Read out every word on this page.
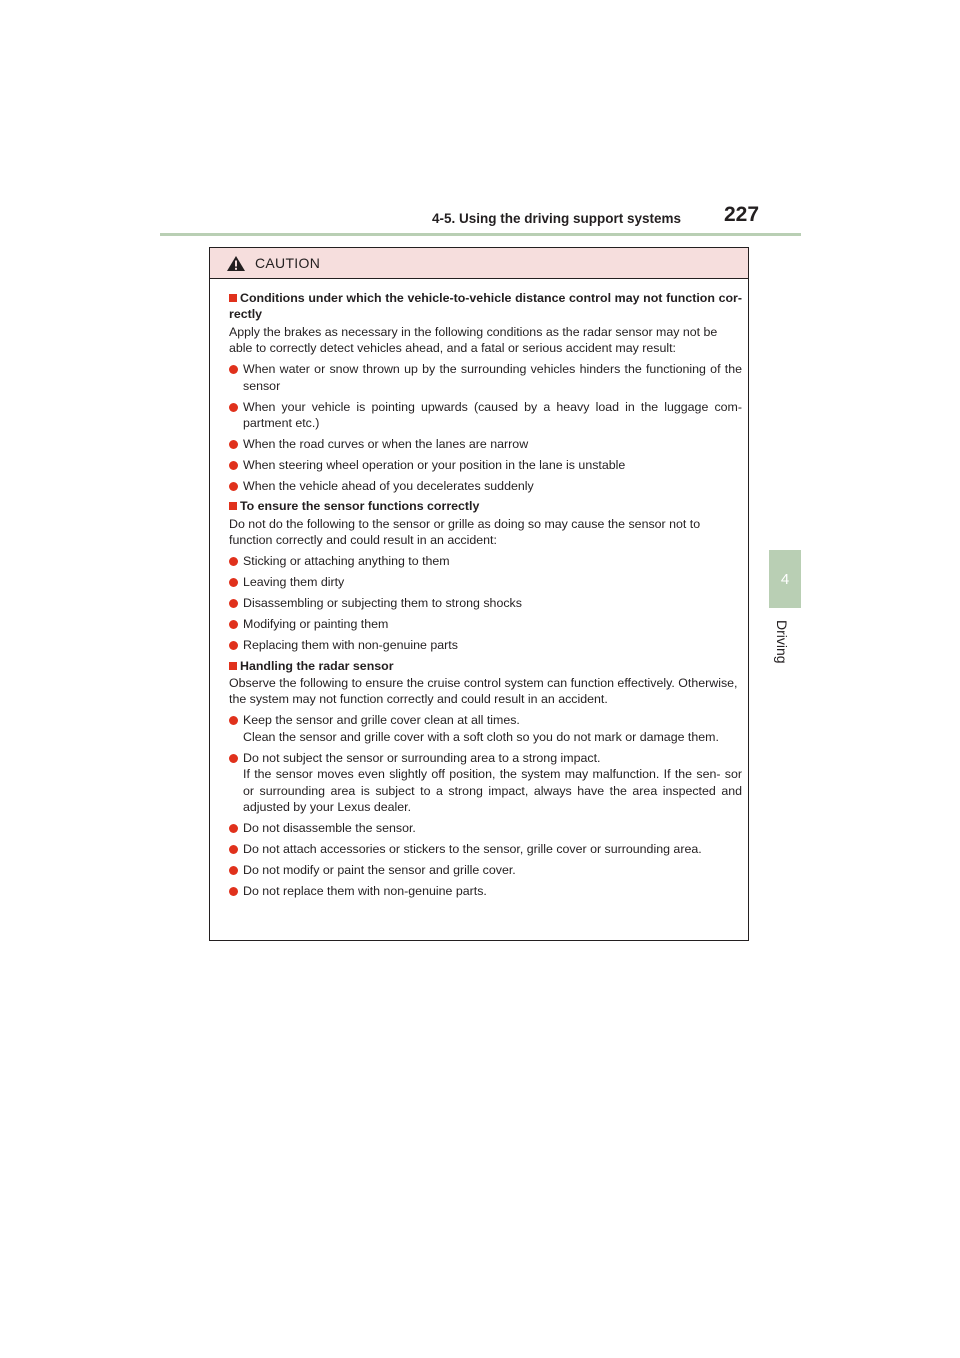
4-5. Using the driving support systems 227
4
Driving
CAUTION
Conditions under which the vehicle-to-vehicle distance control may not function cor- rectly
Apply the brakes as necessary in the following conditions as the radar sensor may not be able to correctly detect vehicles ahead, and a fatal or serious accident may result:
When water or snow thrown up by the surrounding vehicles hinders the functioning of the sensor
When your vehicle is pointing upwards (caused by a heavy load in the luggage com- partment etc.)
When the road curves or when the lanes are narrow
When steering wheel operation or your position in the lane is unstable
When the vehicle ahead of you decelerates suddenly
To ensure the sensor functions correctly
Do not do the following to the sensor or grille as doing so may cause the sensor not to function correctly and could result in an accident:
Sticking or attaching anything to them
Leaving them dirty
Disassembling or subjecting them to strong shocks
Modifying or painting them
Replacing them with non-genuine parts
Handling the radar sensor
Observe the following to ensure the cruise control system can function effectively. Otherwise, the system may not function correctly and could result in an accident.
Keep the sensor and grille cover clean at all times.
Clean the sensor and grille cover with a soft cloth so you do not mark or damage them.
Do not subject the sensor or surrounding area to a strong impact.
If the sensor moves even slightly off position, the system may malfunction. If the sen- sor or surrounding area is subject to a strong impact, always have the area inspected and adjusted by your Lexus dealer.
Do not disassemble the sensor.
Do not attach accessories or stickers to the sensor, grille cover or surrounding area.
Do not modify or paint the sensor and grille cover.
Do not replace them with non-genuine parts.
